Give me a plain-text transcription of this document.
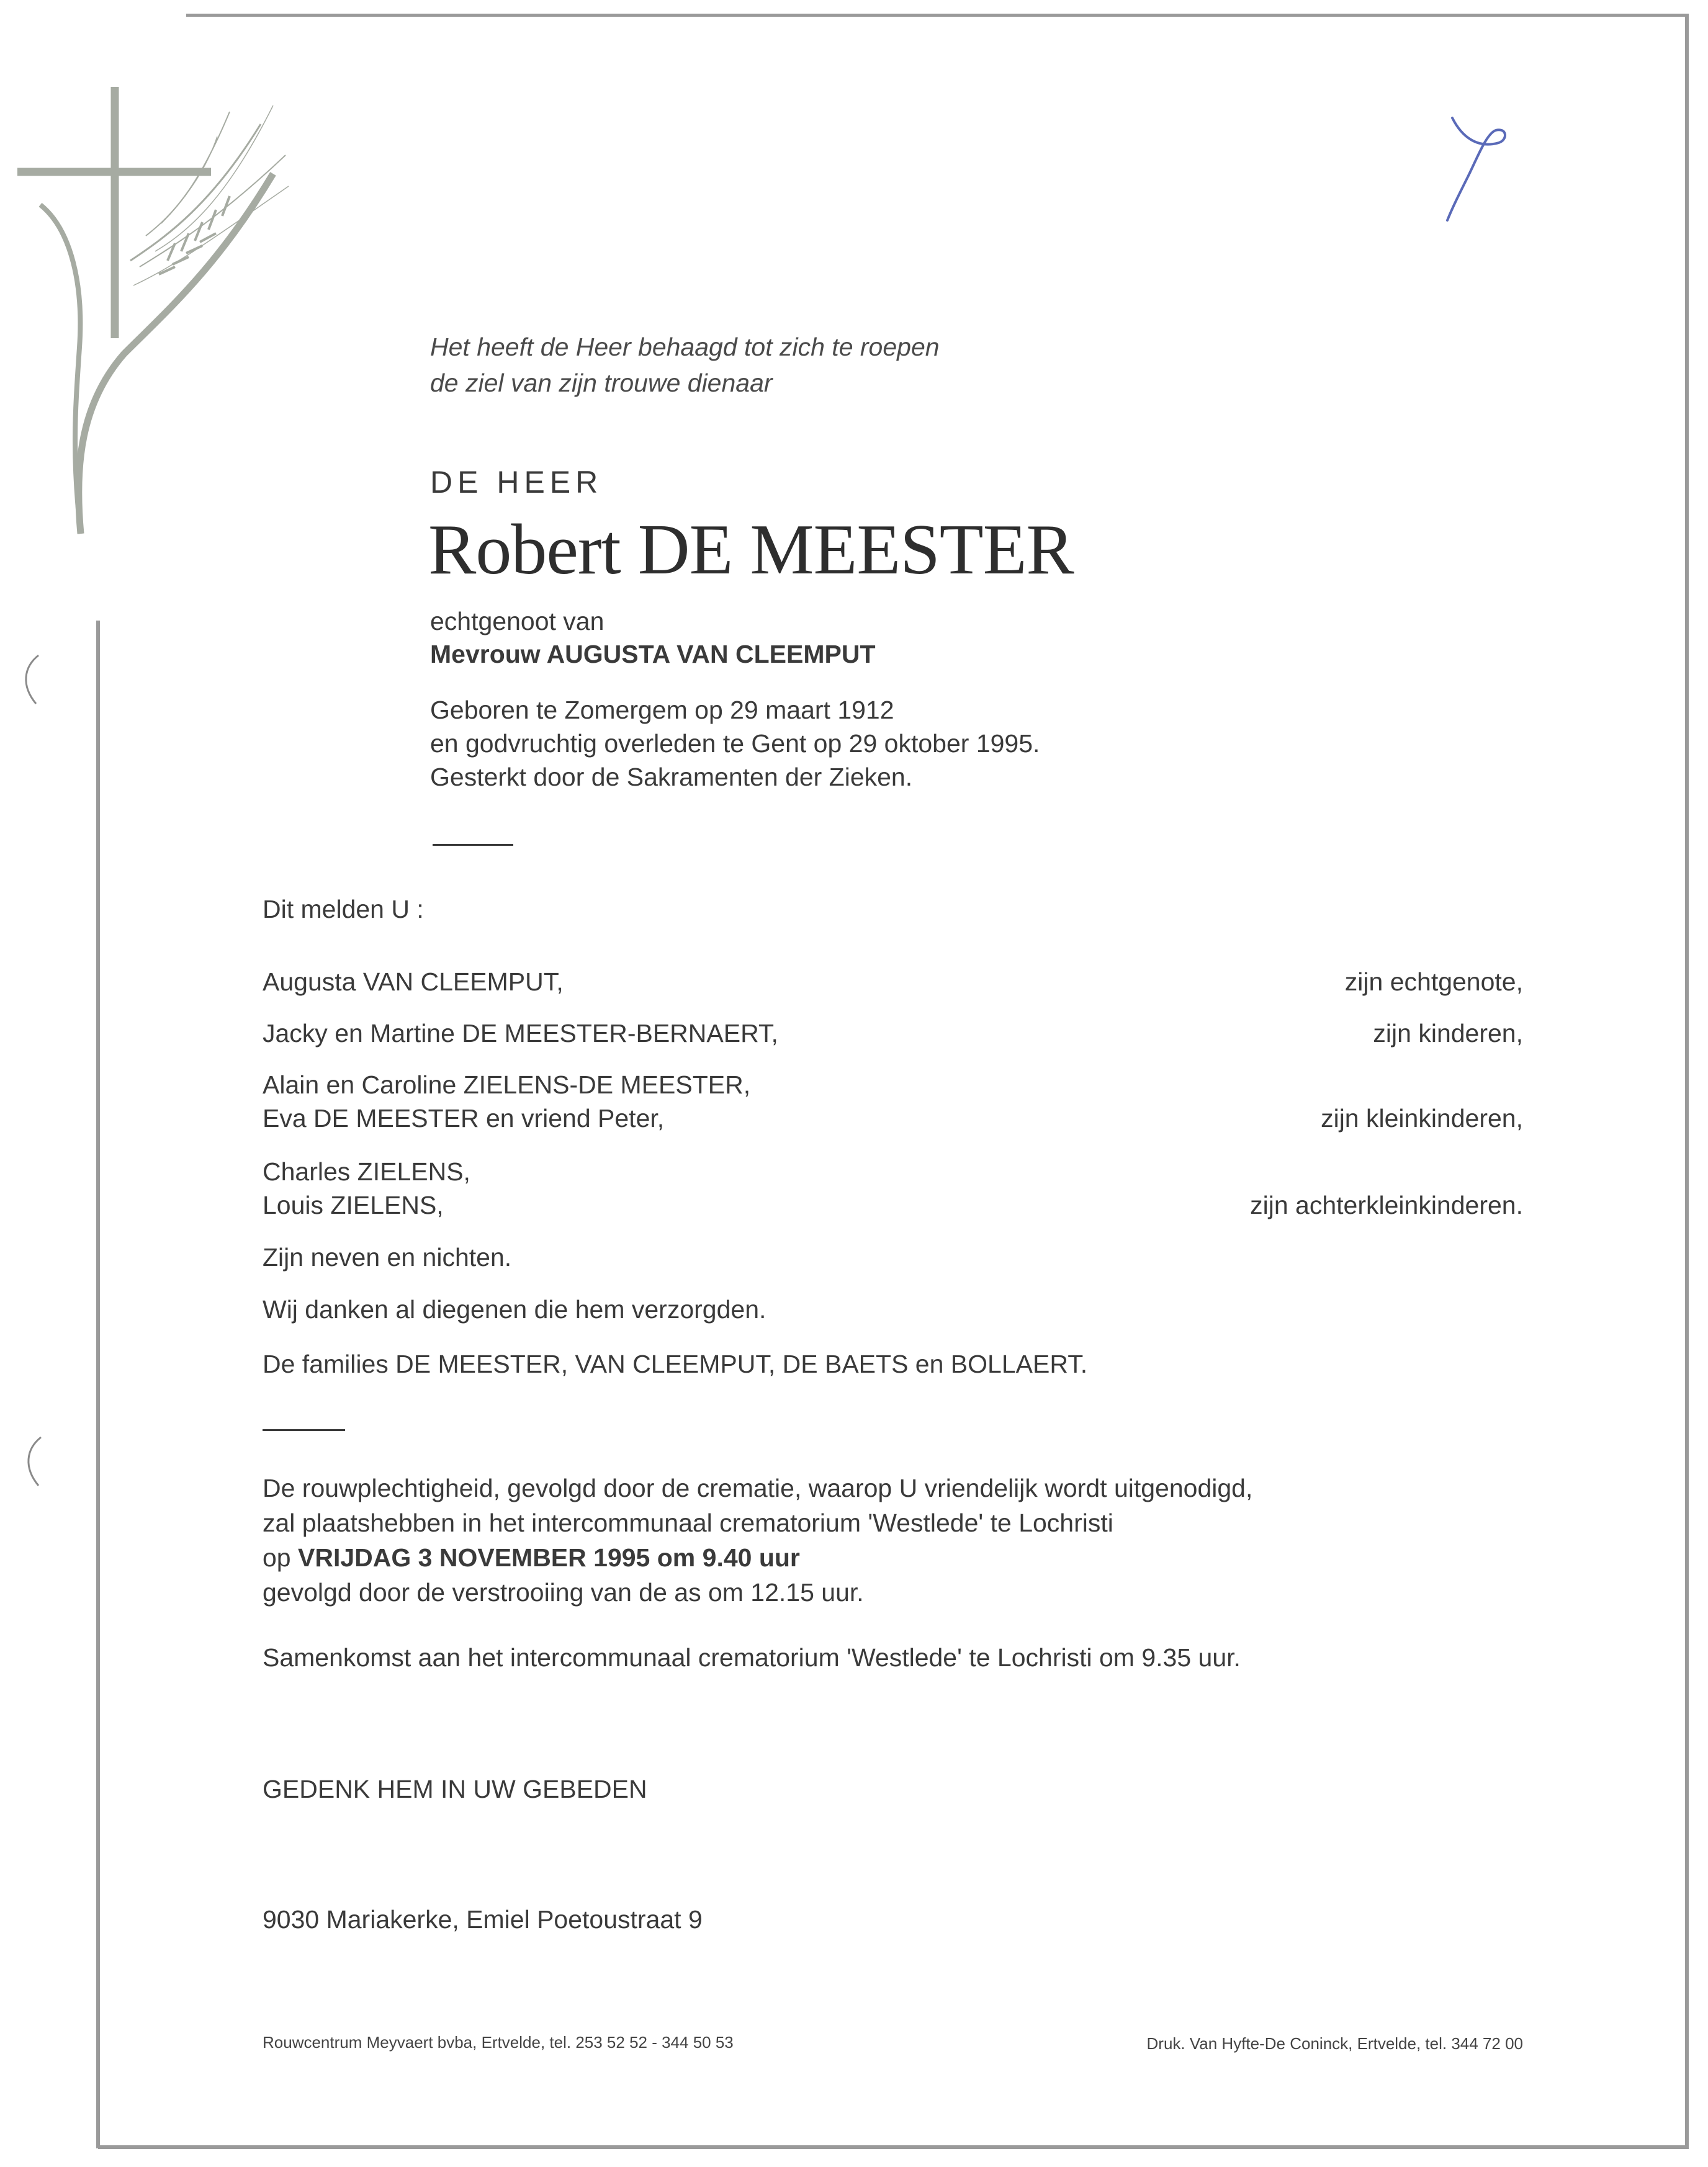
X
Het heeft de Heer behaagd tot zich te roepen
de ziel van zijn trouwe dienaar
DE HEER
Robert DE MEESTER
echtgenoot van
Mevrouw AUGUSTA VAN CLEEMPUT
Geboren te Zomergem op 29 maart 1912
en godvruchtig overleden te Gent op 29 oktober 1995.
Gesterkt door de Sakramenten der Zieken.
Dit melden U :
Augusta VAN CLEEMPUT,	zijn echtgenote,
Jacky en Martine DE MEESTER-BERNAERT,	zijn kinderen,
Alain en Caroline ZIELENS-DE MEESTER,
Eva DE MEESTER en vriend Peter,	zijn kleinkinderen,
Charles ZIELENS,
Louis ZIELENS,	zijn achterkleinkinderen.
Zijn neven en nichten.
Wij danken al diegenen die hem verzorgden.
De families DE MEESTER, VAN CLEEMPUT, DE BAETS en BOLLAERT.
De rouwplechtigheid, gevolgd door de crematie, waarop U vriendelijk wordt uitgenodigd,
zal plaatshebben in het intercommunaal crematorium 'Westlede' te Lochristi
op VRIJDAG 3 NOVEMBER 1995 om 9.40 uur
gevolgd door de verstrooiing van de as om 12.15 uur.
Samenkomst aan het intercommunaal crematorium 'Westlede' te Lochristi om 9.35 uur.
GEDENK HEM IN UW GEBEDEN
9030 Mariakerke, Emiel Poetoustraat 9
Rouwcentrum Meyvaert bvba, Ertvelde, tel. 253 52 52 - 344 50 53	Druk. Van Hyfte-De Coninck, Ertvelde, tel. 344 72 00
